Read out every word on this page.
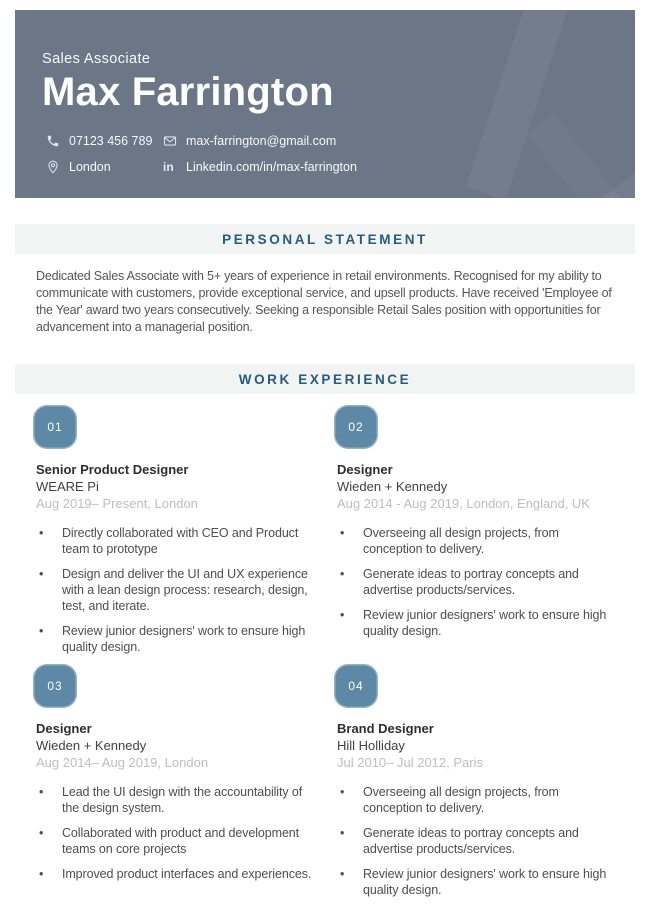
Sales Associate
Max Farrington
07123 456 789	max-farrington@gmail.com
London	in Linkedin.com/in/max-farrington
PERSONAL STATEMENT

Dedicated Sales Associate with 5+ years of experience in retail environments. Recognised for my ability to communicate with customers, provide exceptional service, and upsell products. Have received 'Employee of the Year' award two years consecutively. Seeking a responsible Retail Sales position with opportunities for advancement into a managerial position.

WORK EXPERIENCE
01
Senior Product Designer
WEARE Pi
Aug 2019– Present, London
• Directly collaborated with CEO and Product team to prototype
• Design and deliver the UI and UX experience with a lean design process: research, design, test, and iterate.
• Review junior designers' work to ensure high quality design.
02
Designer
Wieden + Kennedy
Aug 2014 - Aug 2019, London, England, UK
• Overseeing all design projects, from conception to delivery.
• Generate ideas to portray concepts and advertise products/services.
• Review junior designers' work to ensure high quality design.
03
Designer
Wieden + Kennedy
Aug 2014– Aug 2019, London
• Lead the UI design with the accountability of the design system.
• Collaborated with product and development teams on core projects
• Improved product interfaces and experiences.
04
Brand Designer
Hill Holliday
Jul 2010– Jul 2012, Paris
• Overseeing all design projects, from conception to delivery.
• Generate ideas to portray concepts and advertise products/services.
• Review junior designers' work to ensure high quality design.
